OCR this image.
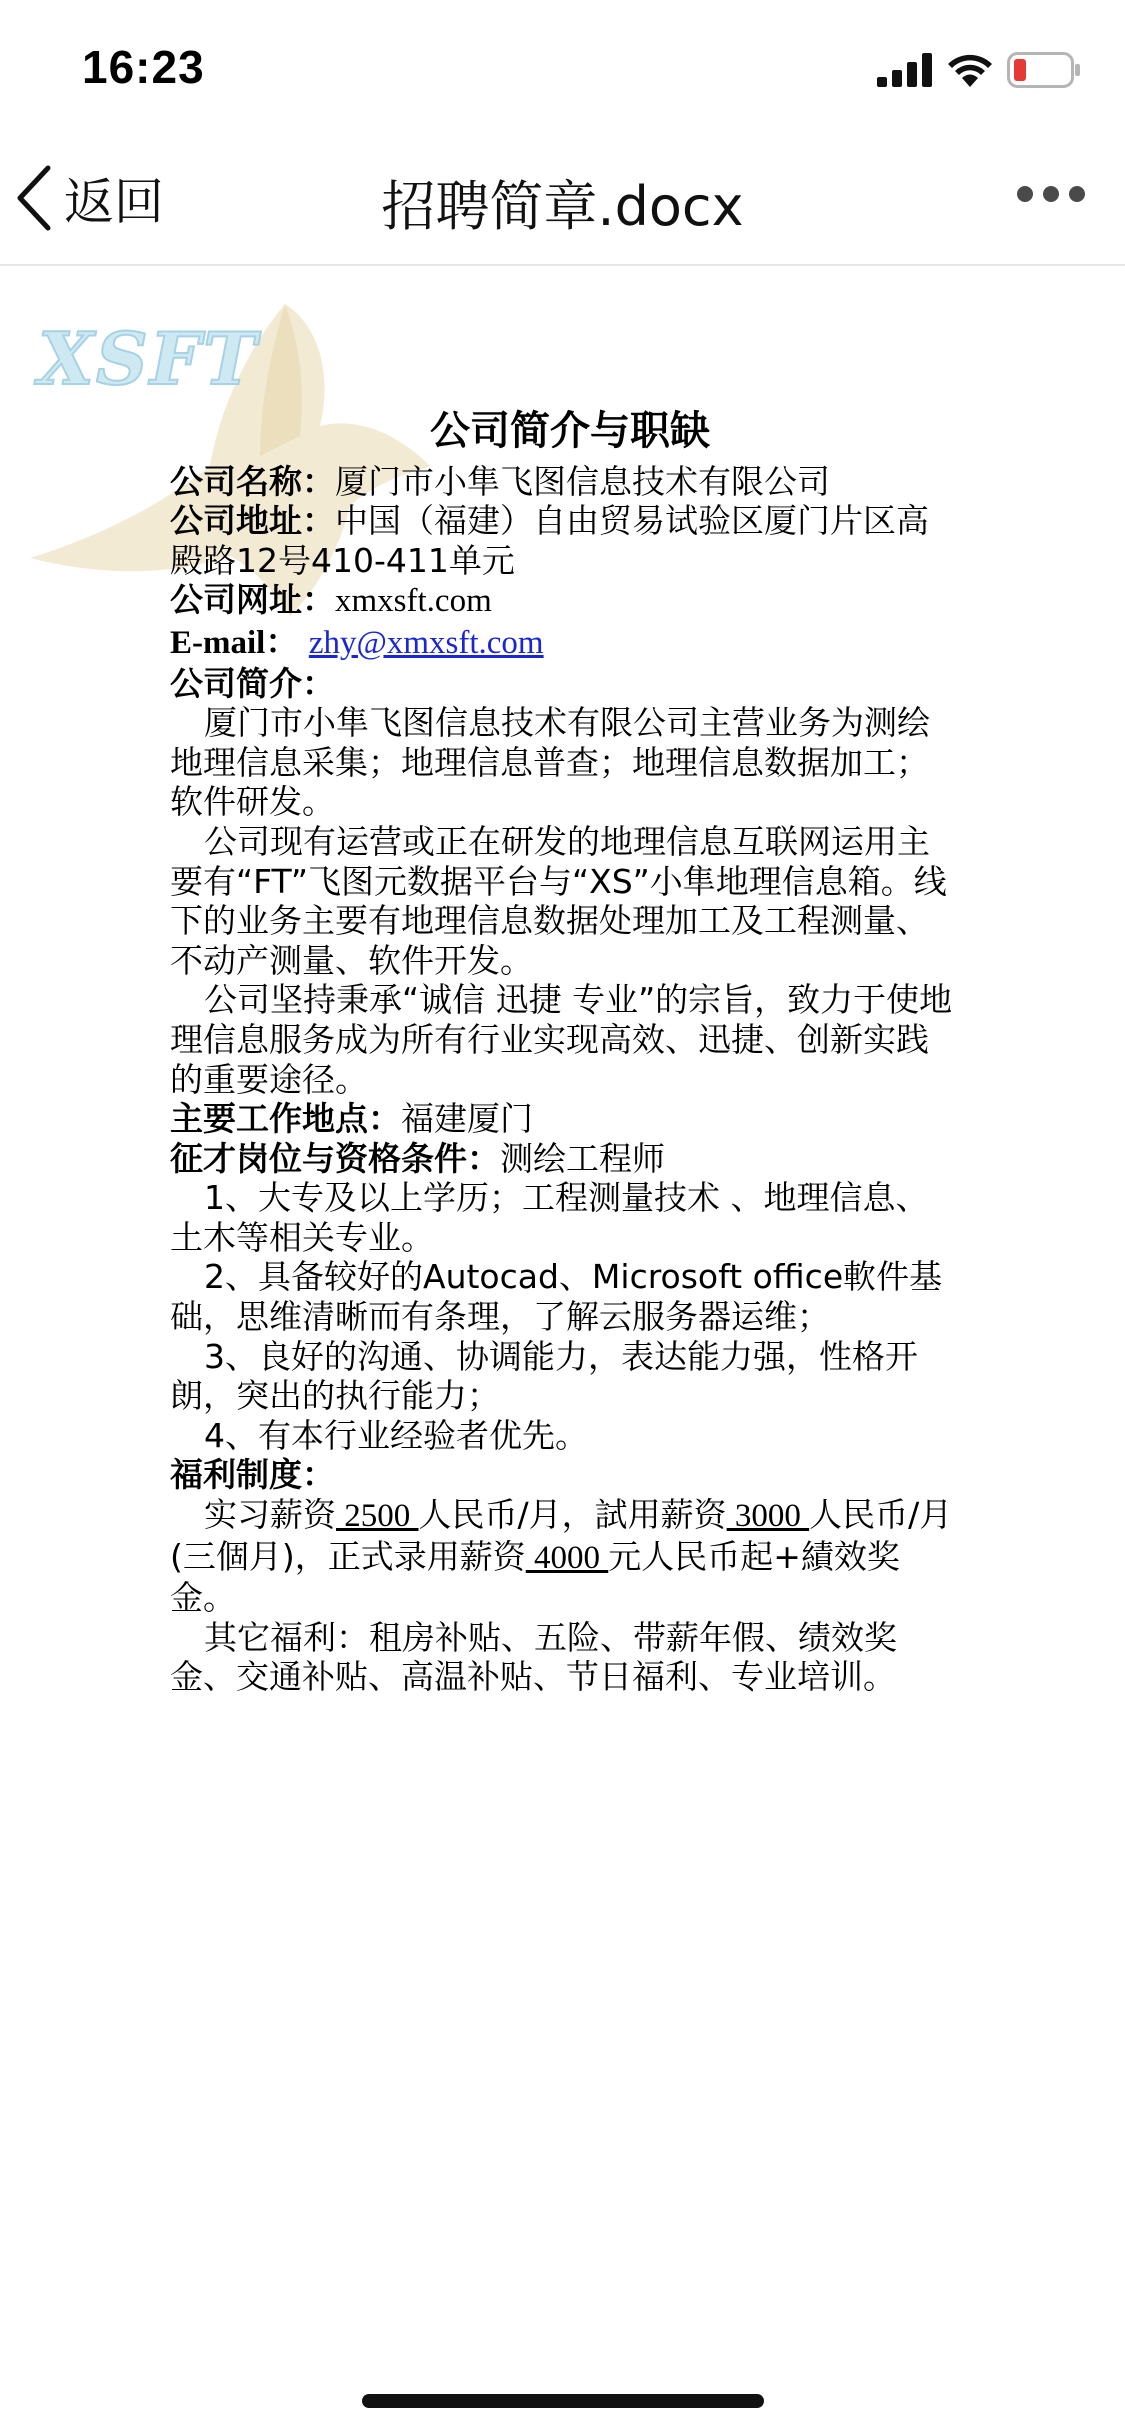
16:23
返回	招聘简章.docx
XSFT
公司简介与职缺

公司名称：厦门市小隼飞图信息技术有限公司

公司地址：中国（福建）自由贸易试验区厦门片区高殿路12号410-411单元

公司网址：xmxsft.com

E-mail： zhy@xmxsft.com

公司简介：

厦门市小隼飞图信息技术有限公司主营业务为测绘地理信息采集；地理信息普查；地理信息数据加工；软件研发。

公司现有运营或正在研发的地理信息互联网运用主要有“FT”飞图元数据平台与“XS”小隼地理信息箱。线下的业务主要有地理信息数据处理加工及工程测量、不动产测量、软件开发。

公司坚持秉承“诚信 迅捷 专业”的宗旨，致力于使地理信息服务成为所有行业实现高效、迅捷、创新实践的重要途径。

主要工作地点：福建厦门

征才岗位与资格条件：测绘工程师

1、大专及以上学历；工程测量技术 、地理信息、土木等相关专业。

2、具备较好的Autocad、Microsoft office軟件基础，思维清晰而有条理，了解云服务器运维；

3、良好的沟通、协调能力，表达能力强，性格开朗，突出的执行能力；

4、有本行业经验者优先。

福利制度：

实习薪资 2500 人民币/月，試用薪资 3000 人民币/月(三個月)，正式录用薪资 4000 元人民币起+績效奖金。

其它福利：租房补贴、五险、带薪年假、绩效奖金、交通补贴、高温补贴、节日福利、专业培训。
